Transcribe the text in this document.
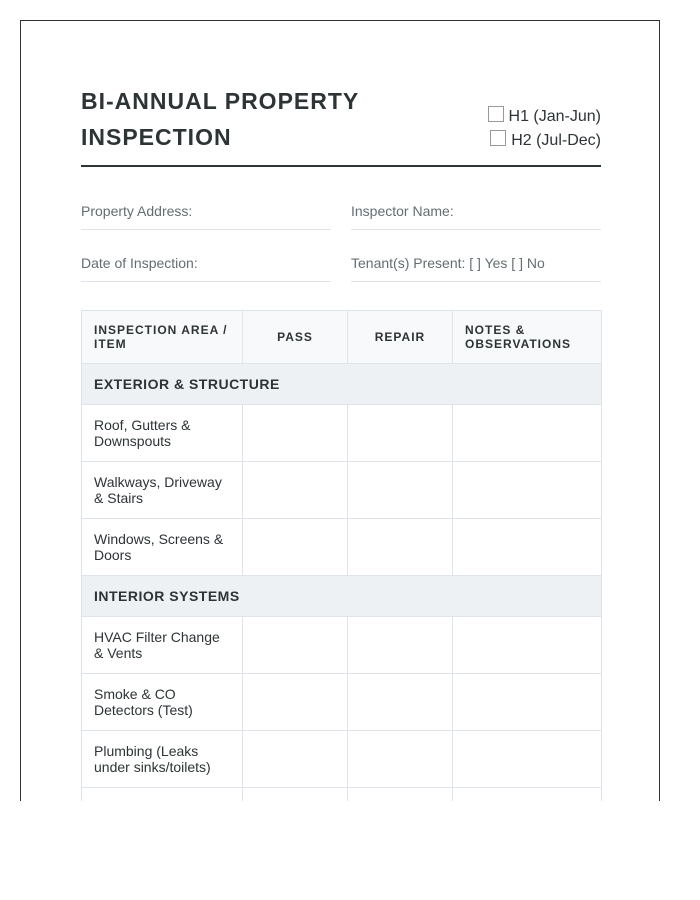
BI-ANNUAL PROPERTY INSPECTION
H1 (Jan-Jun)H2 (Jul-Dec)
Property Address:	Inspector Name:
Date of Inspection:	Tenant(s) Present: [ ] Yes [ ] No
INSPECTION AREA / ITEM	PASS	REPAIR	NOTES & OBSERVATIONS
EXTERIOR & STRUCTURE			
Roof, Gutters & Downspouts			
Walkways, Driveway & Stairs			
Windows, Screens & Doors			
INTERIOR SYSTEMS			
HVAC Filter Change & Vents			
Smoke & CO Detectors (Test)			
Plumbing (Leaks under sinks/toilets)			
